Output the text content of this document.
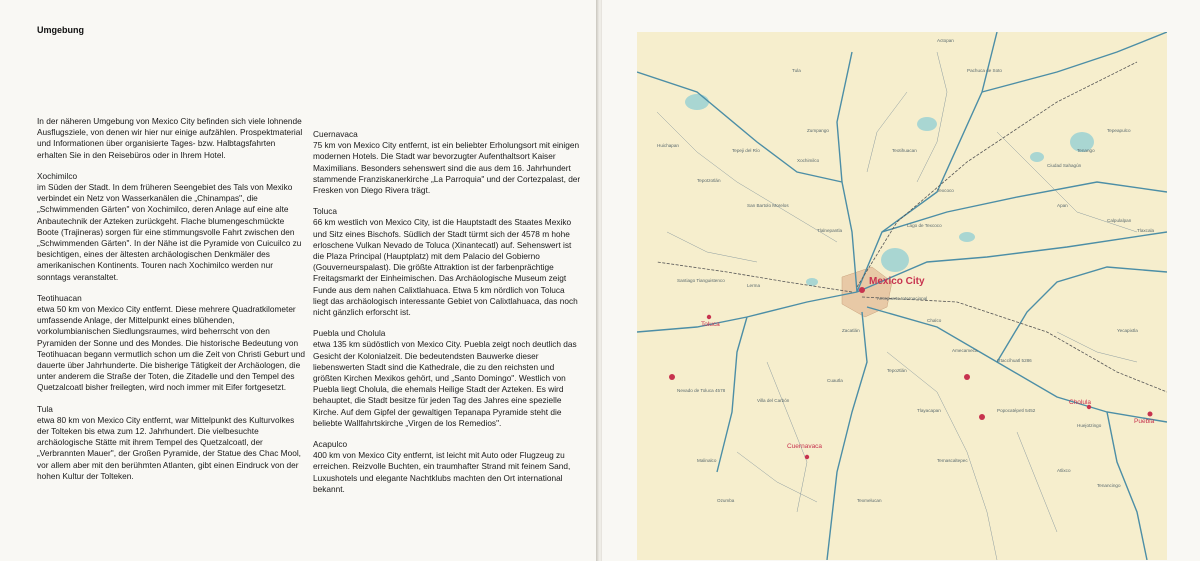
Umgebung

In der näheren Umgebung von Mexico City befinden sich viele lohnende Ausflugsziele, von denen wir hier nur einige aufzählen. Prospektmaterial und Informationen über organisierte Tages- bzw. Halbtagsfahrten erhalten Sie in den Reisebüros oder in Ihrem Hotel.

Xochimilco
im Süden der Stadt. In dem früheren Seengebiet des Tals von Mexiko verbindet ein Netz von Wasserkanälen die „Chinampas", die „Schwimmenden Gärten" von Xochimilco, deren Anlage auf eine alte Anbautechnik der Azteken zurückgeht. Flache blumengeschmückte Boote (Trajineras) sorgen für eine stimmungsvolle Fahrt zwischen den „Schwimmenden Gärten". In der Nähe ist die Pyramide von Cuicuilco zu besichtigen, eines der ältesten archäologischen Denkmäler des amerikanischen Kontinents. Touren nach Xochimilco werden nur sonntags veranstaltet.

Teotihuacan
etwa 50 km von Mexico City entfernt. Diese mehrere Quadratkilometer umfassende Anlage, der Mittelpunkt eines blühenden, vorkolumbianischen Siedlungsraumes, wird beherrscht von den Pyramiden der Sonne und des Mondes. Die historische Bedeutung von Teotihuacan begann vermutlich schon um die Zeit von Christi Geburt und dauerte über Jahrhunderte. Die bisherige Tätigkeit der Archäologen, die unter anderem die Straße der Toten, die Zitadelle und den Tempel des Quetzalcoatl bisher freilegten, wird noch immer mit Eifer fortgesetzt.

Tula
etwa 80 km von Mexico City entfernt, war Mittelpunkt des Kulturvolkes der Tolteken bis etwa zum 12. Jahrhundert. Die vielbesuchte archäologische Stätte mit ihrem Tempel des Quetzalcoatl, der „Verbrannten Mauer", der Großen Pyramide, der Statue des Chac Mool, vor allem aber mit den berühmten Atlanten, gibt einen Eindruck von der hohen Kultur der Tolteken.

Cuernavaca
75 km von Mexico City entfernt, ist ein beliebter Erholungsort mit einigen modernen Hotels. Die Stadt war bevorzugter Aufenthaltsort Kaiser Maximilians. Besonders sehenswert sind die aus dem 16. Jahrhundert stammende Franziskanerkirche „La Parroquia" und der Cortezpalast, der Fresken von Diego Rivera trägt.

Toluca
66 km westlich von Mexico City, ist die Hauptstadt des Staates Mexiko und Sitz eines Bischofs. Südlich der Stadt türmt sich der 4578 m hohe erloschene Vulkan Nevado de Toluca (Xinantecatl) auf. Sehenswert ist die Plaza Principal (Hauptplatz) mit dem Palacio del Gobierno (Gouverneurspalast). Die größte Attraktion ist der farbenprächtige Freitagsmarkt der Einheimischen. Das Archäologische Museum zeigt Funde aus dem nahen Calixtlahuaca. Etwa 5 km nördlich von Toluca liegt das archäologisch interessante Gebiet von Calixtlahuaca, das noch nicht gänzlich erforscht ist.

Puebla und Cholula
etwa 135 km südöstlich von Mexico City. Puebla zeigt noch deutlich das Gesicht der Kolonialzeit. Die bedeutendsten Bauwerke dieser liebenswerten Stadt sind die Kathedrale, die zu den reichsten und größten Kirchen Mexikos gehört, und „Santo Domingo". Westlich von Puebla liegt Cholula, die ehemals Heilige Stadt der Azteken. Es wird behauptet, die Stadt besitze für jeden Tag des Jahres eine spezielle Kirche. Auf dem Gipfel der gewaltigen Tepanapa Pyramide steht die beliebte Wallfahrtskirche „Virgen de los Remedios".

Acapulco
400 km von Mexico City entfernt, ist leicht mit Auto oder Flugzeug zu erreichen. Reizvolle Buchten, ein traumhafter Strand mit feinem Sand, Luxushotels und elegante Nachtklubs machten den Ort international bekannt.

Mexico City
Toluca
Cholula
Puebla
Cuernavaca
Actopan
Pachuca de Soto
Tula
Huichapan
Tepeji del Río	Teotihuacan
Texcoco
Apan
Tlaxcala
Zumpango
San Bartolo Morelos
Tlalnepantla
Aeropuerto Internacional
Lerma
Santiago Tianguistenco
Chalco
Amecameca
Cuautla
Tepoztlán
Atlixco
Iztaccíhuatl 5286
Popocatépetl 5452
Nevado de Toluca 4578
Huejotzingo
Calpulalpan
Lago de Texcoco
Tenango
Ciudad Sahagún
Tepeapulco
Zacatlán
Xochimilco
Tepotzotlán
Villa del Carbón
Malinalco	Temascaltepec
Tlayacapan
Tenancingo
Yecapixtla
Ozumba	Texmelucan
